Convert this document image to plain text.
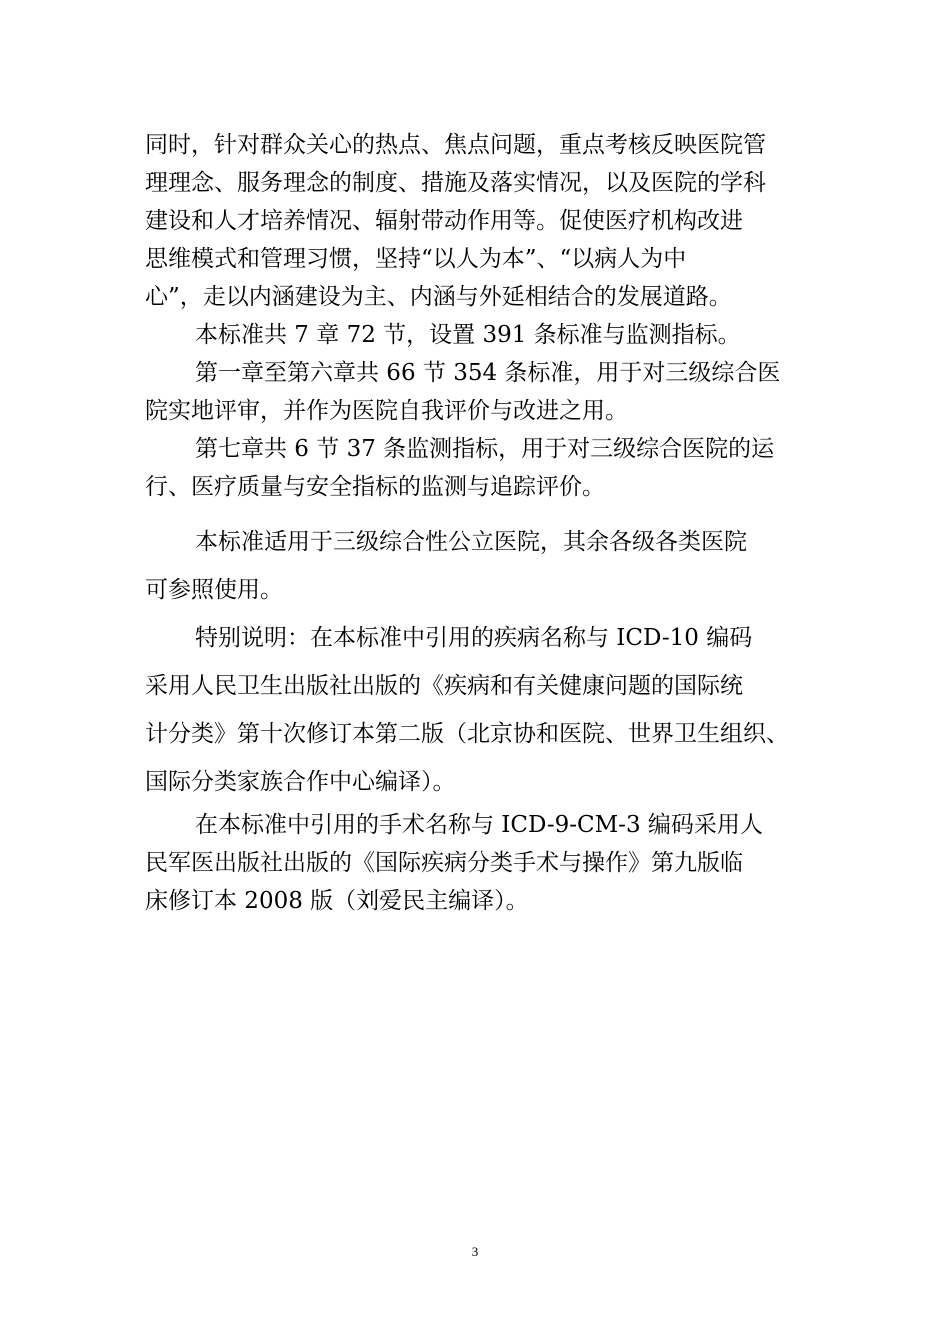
同时，针对群众关心的热点、焦点问题，重点考核反映医院管
理理念、服务理念的制度、措施及落实情况，以及医院的学科
建设和人才培养情况、辐射带动作用等。促使医疗机构改进
思维模式和管理习惯，坚持“以人为本”、“以病人为中
心”，走以内涵建设为主、内涵与外延相结合的发展道路。

本标准共 7 章 72 节，设置 391 条标准与监测指标。

第一章至第六章共 66 节 354 条标准，用于对三级综合医
院实地评审，并作为医院自我评价与改进之用。

第七章共 6 节 37 条监测指标，用于对三级综合医院的运
行、医疗质量与安全指标的监测与追踪评价。

本标准适用于三级综合性公立医院，其余各级各类医院
可参照使用。

特别说明：在本标准中引用的疾病名称与 ICD-10 编码
采用人民卫生出版社出版的《疾病和有关健康问题的国际统
计分类》第十次修订本第二版（北京协和医院、世界卫生组织、
国际分类家族合作中心编译）。

在本标准中引用的手术名称与 ICD-9-CM-3 编码采用人
民军医出版社出版的《国际疾病分类手术与操作》第九版临
床修订本 2008 版（刘爱民主编译）。

3
